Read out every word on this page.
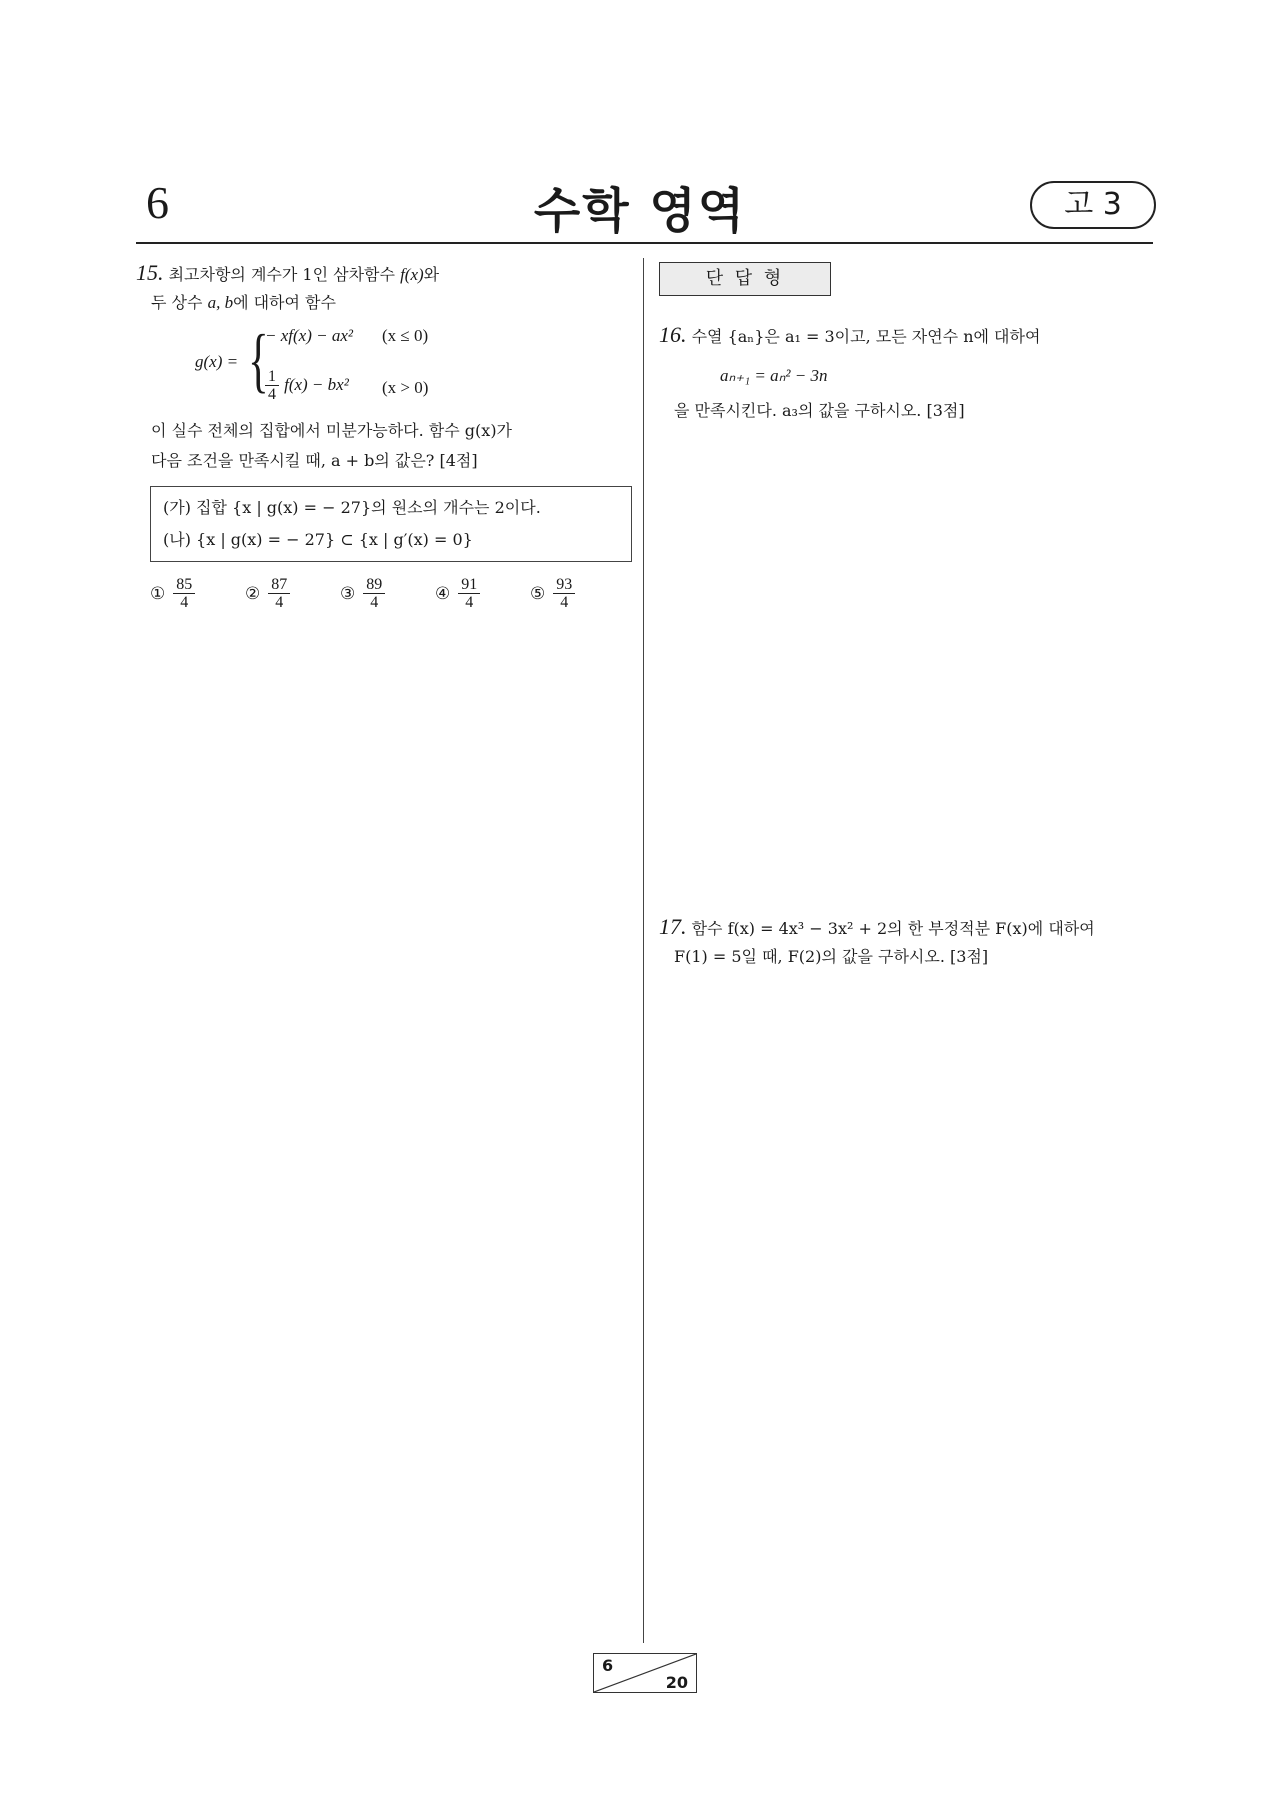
6	수학 영역	고 3
15. 최고차항의 계수가 1인 삼차함수 f(x)와
두 상수 a, b에 대하여 함수
g(x) = {
− xf(x) − ax² (x ≤ 0)
$\frac{1}{4} f(x) - bx^2$ (x > 0)
이 실수 전체의 집합에서 미분가능하다. 함수 g(x)가
다음 조건을 만족시킬 때, a + b의 값은? [4점]
(가) 집합 {x | g(x) = − 27}의 원소의 개수는 2이다.
(나) {x | g(x) = − 27} ⊂ {x | g′(x) = 0}
① $\frac{85}{4}$	② $\frac{87}{4}$	③ $\frac{89}{4}$	④ $\frac{91}{4}$	⑤ $\frac{93}{4}$
단 답 형
16. 수열 {aₙ}은 a₁ = 3이고, 모든 자연수 n에 대하여
aₙ₊₁ = aₙ² − 3n
을 만족시킨다. a₃의 값을 구하시오. [3점]
17. 함수 f(x) = 4x³ − 3x² + 2의 한 부정적분 F(x)에 대하여
F(1) = 5일 때, F(2)의 값을 구하시오. [3점]
6
20
